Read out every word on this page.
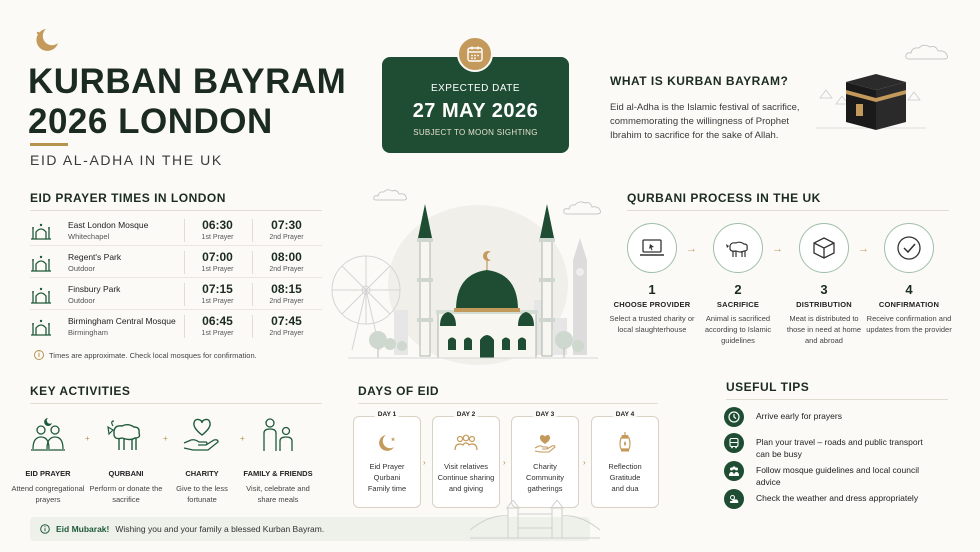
KURBAN BAYRAM 2026 LONDON
EID AL-ADHA IN THE UK
EXPECTED DATE
27 MAY 2026
SUBJECT TO MOON SIGHTING
WHAT IS KURBAN BAYRAM?
Eid al-Adha is the Islamic festival of sacrifice, commemorating the willingness of Prophet Ibrahim to sacrifice for the sake of Allah.
EID PRAYER TIMES IN LONDON
East London Mosque
Whitechapel
06:30
1st Prayer
07:30
2nd Prayer
Regent's Park
Outdoor
07:00
1st Prayer
08:00
2nd Prayer
Finsbury Park
Outdoor
07:15
1st Prayer
08:15
2nd Prayer
Birmingham Central Mosque
Birmingham
06:45
1st Prayer
07:45
2nd Prayer
i	Times are approximate. Check local mosques for confirmation.
QURBANI PROCESS IN THE UK
1
CHOOSE PROVIDER
Select a trusted charity or local slaughterhouse
→
2
SACRIFICE
Animal is sacrificed according to Islamic guidelines
→
3
DISTRIBUTION
Meat is distributed to those in need at home and abroad
→
4
CONFIRMATION
Receive confirmation and updates from the provider
KEY ACTIVITIES
EID PRAYER
Attend congregational prayers
+
QURBANI
Perform or donate the sacrifice
+
CHARITY
Give to the less fortunate
+
FAMILY & FRIENDS
Visit, celebrate and share meals
DAYS OF EID
DAY 1
Eid Prayer
Qurbani
Family time
›
DAY 2
Visit relatives
Continue sharing
and giving
›
DAY 3
Charity
Community
gatherings
›
DAY 4
Reflection
Gratitude
and dua
USEFUL TIPS
Arrive early for prayers
Plan your travel – roads and public transport can be busy
Follow mosque guidelines and local council advice
Check the weather and dress appropriately
Eid Mubarak! Wishing you and your family a blessed Kurban Bayram.
